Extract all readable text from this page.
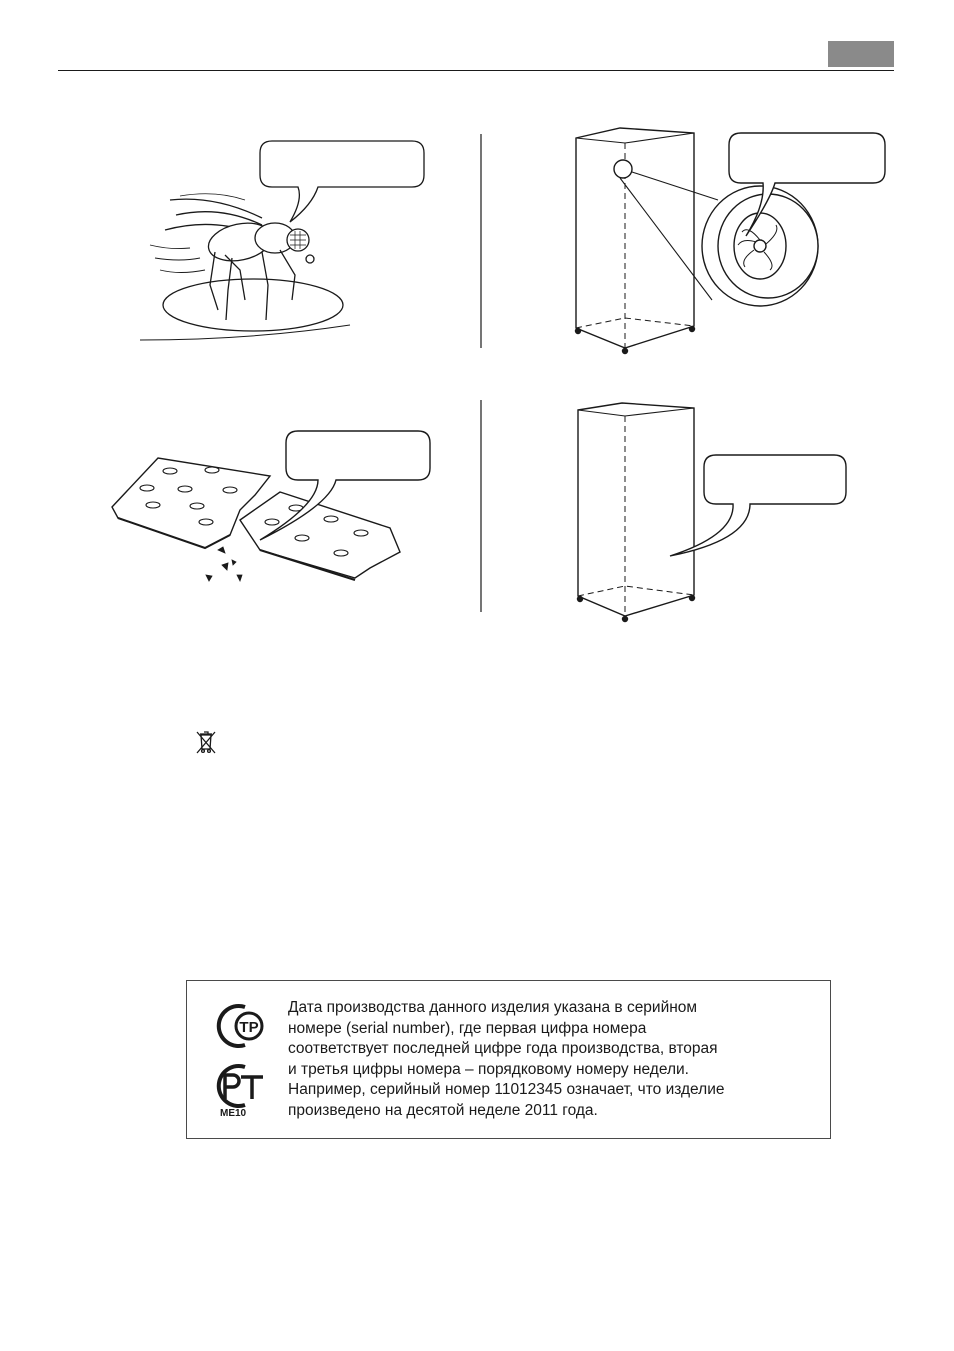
ТР
ME10

Дата производства данного изделия указана в серийном
номере (serial number), где первая цифра номера
соответствует последней цифре года производства, вторая
и третья цифры номера – порядковому номеру недели.
Например, серийный номер 11012345 означает, что изделие
произведено на десятой неделе 2011 года.
